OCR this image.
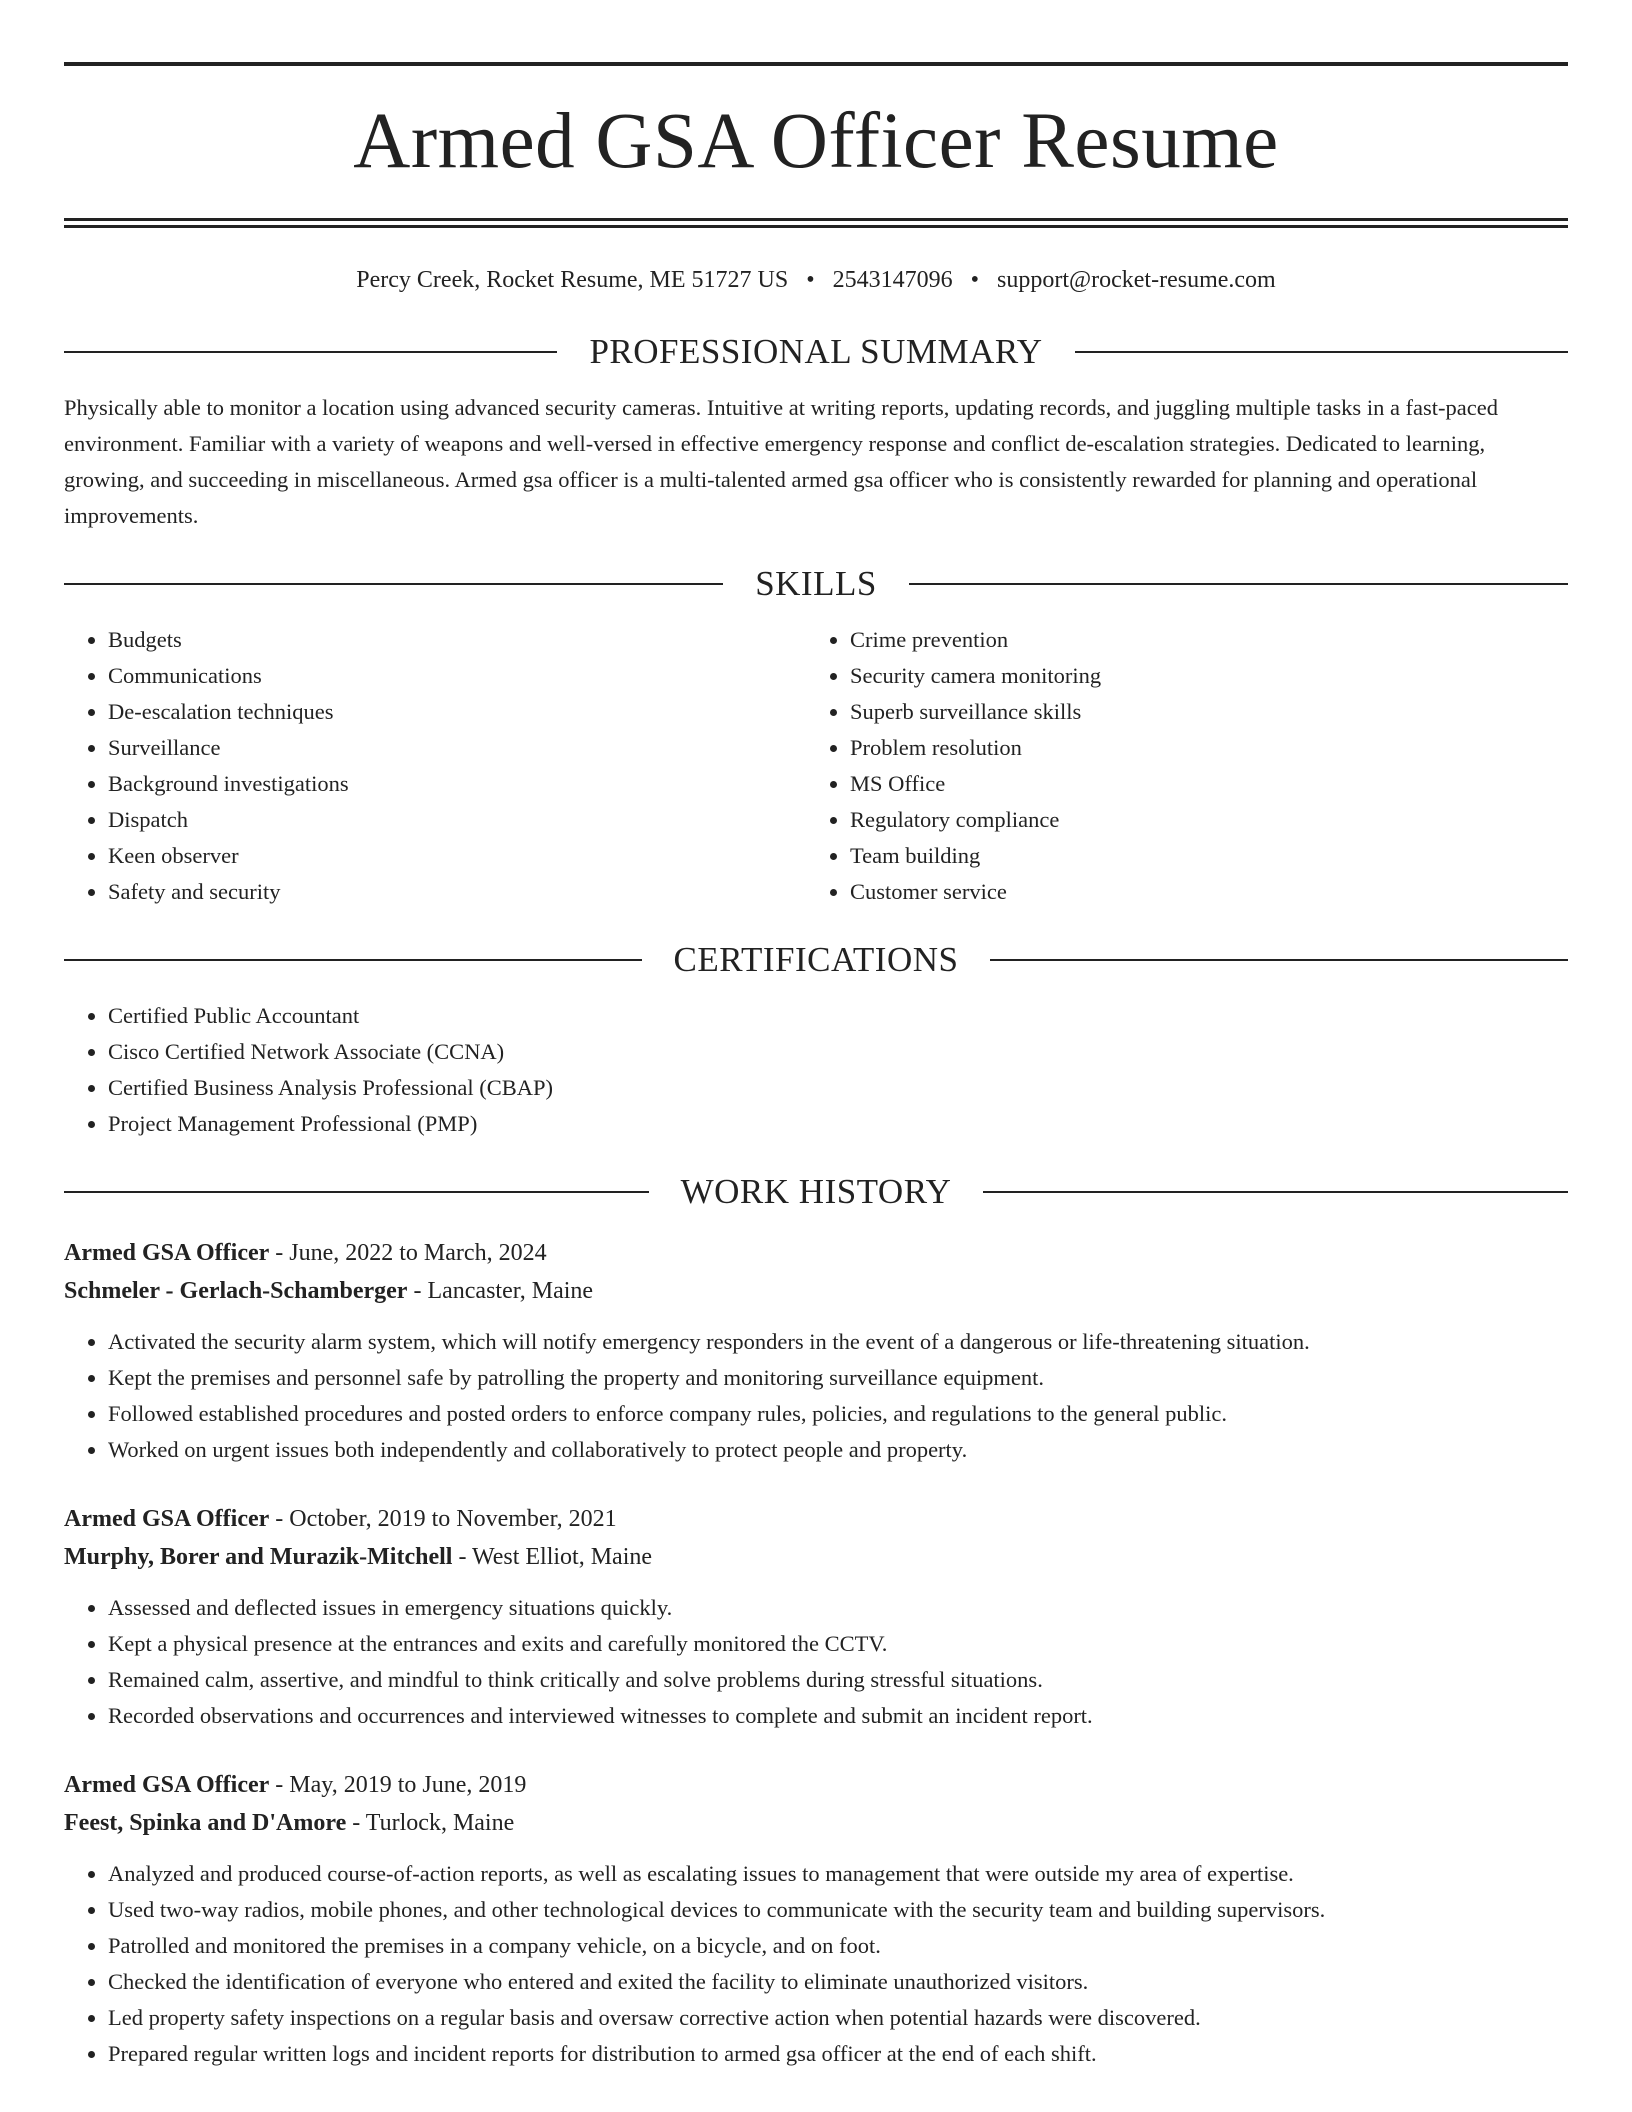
Armed GSA Officer Resume
Percy Creek, Rocket Resume, ME 51727 US • 2543147096 • support@rocket-resume.com
PROFESSIONAL SUMMARY

Physically able to monitor a location using advanced security cameras. Intuitive at writing reports, updating records, and juggling multiple tasks in a fast-paced environment. Familiar with a variety of weapons and well-versed in effective emergency response and conflict de-escalation strategies. Dedicated to learning, growing, and succeeding in miscellaneous. Armed gsa officer is a multi-talented armed gsa officer who is consistently rewarded for planning and operational improvements.

SKILLS
• Budgets
• Communications
• De-escalation techniques
• Surveillance
• Background investigations
• Dispatch
• Keen observer
• Safety and security
• Crime prevention
• Security camera monitoring
• Superb surveillance skills
• Problem resolution
• MS Office
• Regulatory compliance
• Team building
• Customer service
CERTIFICATIONS
• Certified Public Accountant
• Cisco Certified Network Associate (CCNA)
• Certified Business Analysis Professional (CBAP)
• Project Management Professional (PMP)
WORK HISTORY
Armed GSA Officer - June, 2022 to March, 2024
Schmeler - Gerlach-Schamberger - Lancaster, Maine
• Activated the security alarm system, which will notify emergency responders in the event of a dangerous or life-threatening situation.
• Kept the premises and personnel safe by patrolling the property and monitoring surveillance equipment.
• Followed established procedures and posted orders to enforce company rules, policies, and regulations to the general public.
• Worked on urgent issues both independently and collaboratively to protect people and property.
Armed GSA Officer - October, 2019 to November, 2021
Murphy, Borer and Murazik-Mitchell - West Elliot, Maine
• Assessed and deflected issues in emergency situations quickly.
• Kept a physical presence at the entrances and exits and carefully monitored the CCTV.
• Remained calm, assertive, and mindful to think critically and solve problems during stressful situations.
• Recorded observations and occurrences and interviewed witnesses to complete and submit an incident report.
Armed GSA Officer - May, 2019 to June, 2019
Feest, Spinka and D'Amore - Turlock, Maine
• Analyzed and produced course-of-action reports, as well as escalating issues to management that were outside my area of expertise.
• Used two-way radios, mobile phones, and other technological devices to communicate with the security team and building supervisors.
• Patrolled and monitored the premises in a company vehicle, on a bicycle, and on foot.
• Checked the identification of everyone who entered and exited the facility to eliminate unauthorized visitors.
• Led property safety inspections on a regular basis and oversaw corrective action when potential hazards were discovered.
• Prepared regular written logs and incident reports for distribution to armed gsa officer at the end of each shift.
